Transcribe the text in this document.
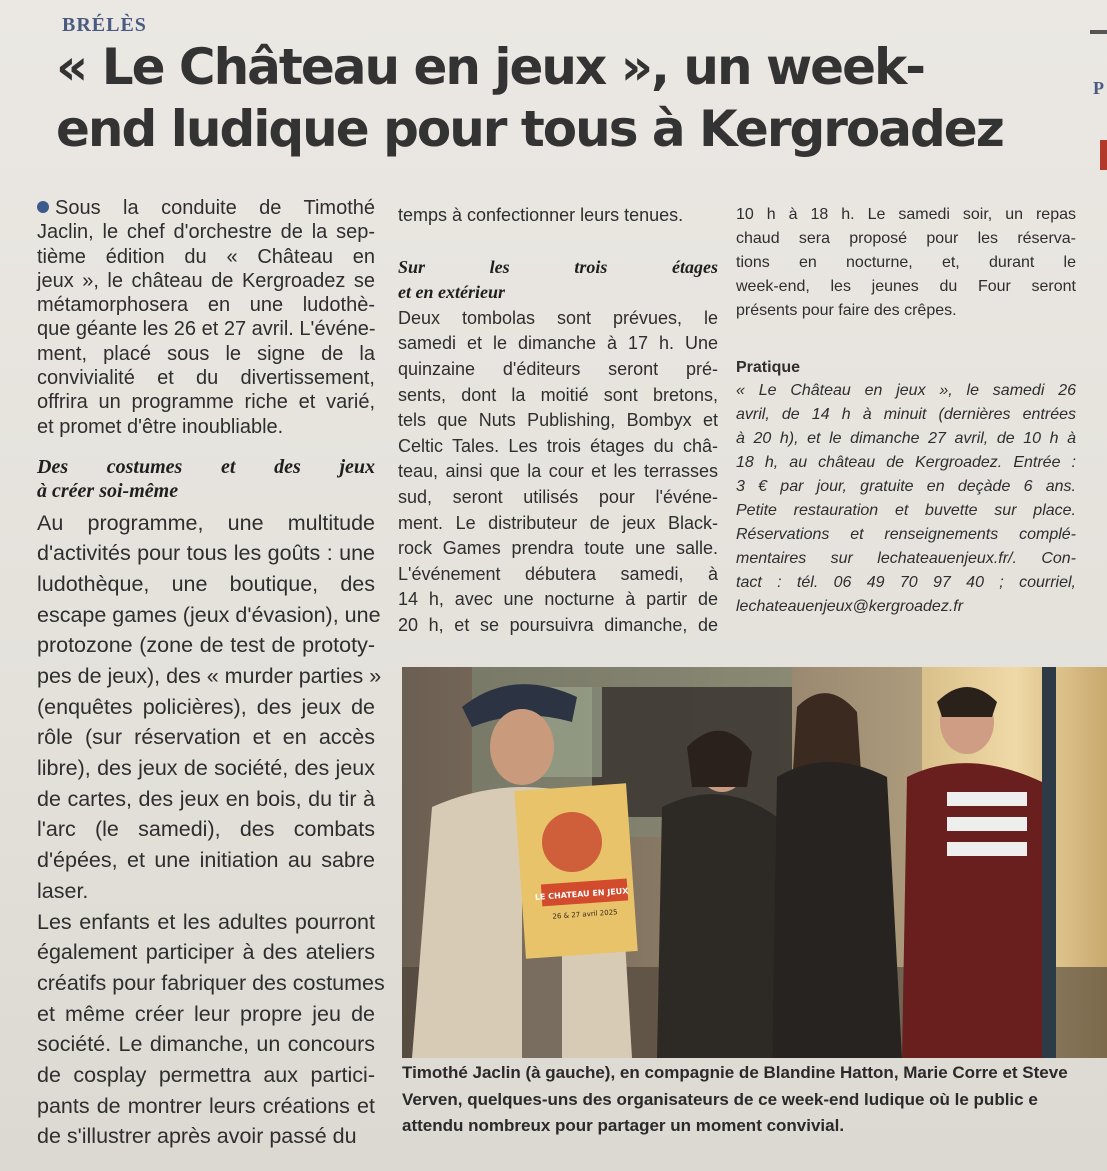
BRÉLÈS
« Le Château en jeux », un week-end ludique pour tous à Kergroadez
P
Sous la conduite de Timothé
Jaclin, le chef d'orchestre de la sep-
tième édition du « Château en
jeux », le château de Kergroadez se
métamorphosera en une ludothè-
que géante les 26 et 27 avril. L'événe-
ment, placé sous le signe de la
convivialité et du divertissement,
offrira un programme riche et varié,
et promet d'être inoubliable.
Des costumes et des jeux
à créer soi-même
Au programme, une multitude
d'activités pour tous les goûts : une
ludothèque, une boutique, des
escape games (jeux d'évasion), une
protozone (zone de test de prototy-
pes de jeux), des « murder parties »
(enquêtes policières), des jeux de
rôle (sur réservation et en accès
libre), des jeux de société, des jeux
de cartes, des jeux en bois, du tir à
l'arc (le samedi), des combats
d'épées, et une initiation au sabre
laser.
Les enfants et les adultes pourront
également participer à des ateliers
créatifs pour fabriquer des costumes
et même créer leur propre jeu de
société. Le dimanche, un concours
de cosplay permettra aux partici-
pants de montrer leurs créations et
de s'illustrer après avoir passé du
temps à confectionner leurs tenues.
Sur les trois étages
et en extérieur
Deux tombolas sont prévues, le
samedi et le dimanche à 17 h. Une
quinzaine d'éditeurs seront pré-
sents, dont la moitié sont bretons,
tels que Nuts Publishing, Bombyx et
Celtic Tales. Les trois étages du châ-
teau, ainsi que la cour et les terrasses
sud, seront utilisés pour l'événe-
ment. Le distributeur de jeux Black-
rock Games prendra toute une salle.
L'événement débutera samedi, à
14 h, avec une nocturne à partir de
20 h, et se poursuivra dimanche, de
10 h à 18 h. Le samedi soir, un repas
chaud sera proposé pour les réserva-
tions en nocturne, et, durant le
week-end, les jeunes du Four seront
présents pour faire des crêpes.
Pratique
« Le Château en jeux », le samedi 26
avril, de 14 h à minuit (dernières entrées
à 20 h), et le dimanche 27 avril, de 10 h à
18 h, au château de Kergroadez. Entrée :
3 € par jour, gratuite en deçàde 6 ans.
Petite restauration et buvette sur place.
Réservations et renseignements complé-
mentaires sur lechateauenjeux.fr/. Con-
tact : tél. 06 49 70 97 40 ; courriel,
lechateauenjeux@kergroadez.fr
LE CHATEAU EN JEUX
26 & 27 avril 2025
Timothé Jaclin (à gauche), en compagnie de Blandine Hatton, Marie Corre et Steve
Verven, quelques-uns des organisateurs de ce week-end ludique où le public e
attendu nombreux pour partager un moment convivial.
